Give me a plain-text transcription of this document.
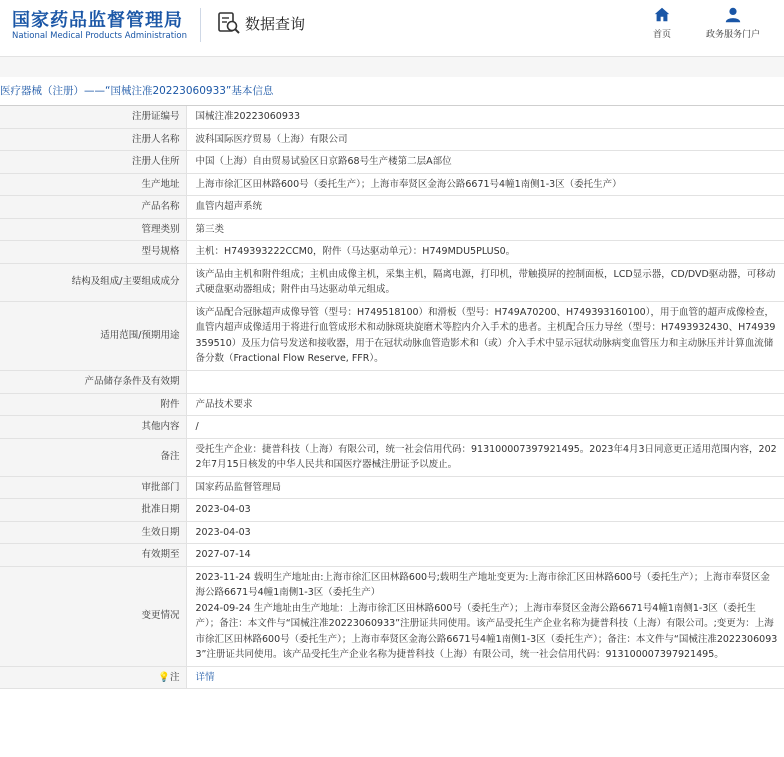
国家药品监督管理局
National Medical Products Administration
数据查询
首页	政务服务门户
医疗器械（注册）——“国械注准20223060933”基本信息
注册证编号	国械注准20223060933
注册人名称	波科国际医疗贸易（上海）有限公司
注册人住所	中国（上海）自由贸易试验区日京路68号生产楼第二层A部位
生产地址	上海市徐汇区田林路600号（委托生产）；上海市奉贤区金海公路6671号4幢1南侧1-3区（委托生产）
产品名称	血管内超声系统
管理类别	第三类
型号规格	主机：H749393222CCM0，附件（马达驱动单元）：H749MDU5PLUS0。
结构及组成/主要组成成分	该产品由主机和附件组成；主机由成像主机，采集主机，隔离电源，打印机，带触摸屏的控制面板，LCD显示器，CD/DVD驱动器，可移动式硬盘驱动器组成；附件由马达驱动单元组成。
适用范围/预期用途	该产品配合冠脉超声成像导管（型号：H749518100）和滑板（型号：H749A70200、H749393160100），用于血管的超声成像检查，血管内超声成像适用于将进行血管成形术和动脉斑块旋磨术等腔内介入手术的患者。主机配合压力导丝（型号：H7493932430、H74939359510）及压力信号发送和接收器，用于在冠状动脉血管造影术和（或）介入手术中显示冠状动脉病变血管压力和主动脉压并计算血流储备分数（Fractional Flow Reserve, FFR）。
产品储存条件及有效期	
附件	产品技术要求
其他内容	/
备注	受托生产企业：捷普科技（上海）有限公司，统一社会信用代码：913100007397921495。2023年4月3日同意更正适用范围内容，2022年7月15日核发的中华人民共和国医疗器械注册证予以废止。
审批部门	国家药品监督管理局
批准日期	2023-04-03
生效日期	2023-04-03
有效期至	2027-07-14
变更情况	2023-11-24 载明生产地址由:上海市徐汇区田林路600号;载明生产地址变更为:上海市徐汇区田林路600号（委托生产）；上海市奉贤区金海公路6671号4幢1南侧1-3区（委托生产）
2024-09-24 生产地址由生产地址：上海市徐汇区田林路600号（委托生产）；上海市奉贤区金海公路6671号4幢1南侧1-3区（委托生产）；备注：本文件与“国械注准20223060933”注册证共同使用。该产品受托生产企业名称为捷普科技（上海）有限公司。;变更为：上海市徐汇区田林路600号（委托生产）；上海市奉贤区金海公路6671号4幢1南侧1-3区（委托生产）；备注：本文件与“国械注准20223060933”注册证共同使用。该产品受托生产企业名称为捷普科技（上海）有限公司，统一社会信用代码：913100007397921495。
💡注	详情
